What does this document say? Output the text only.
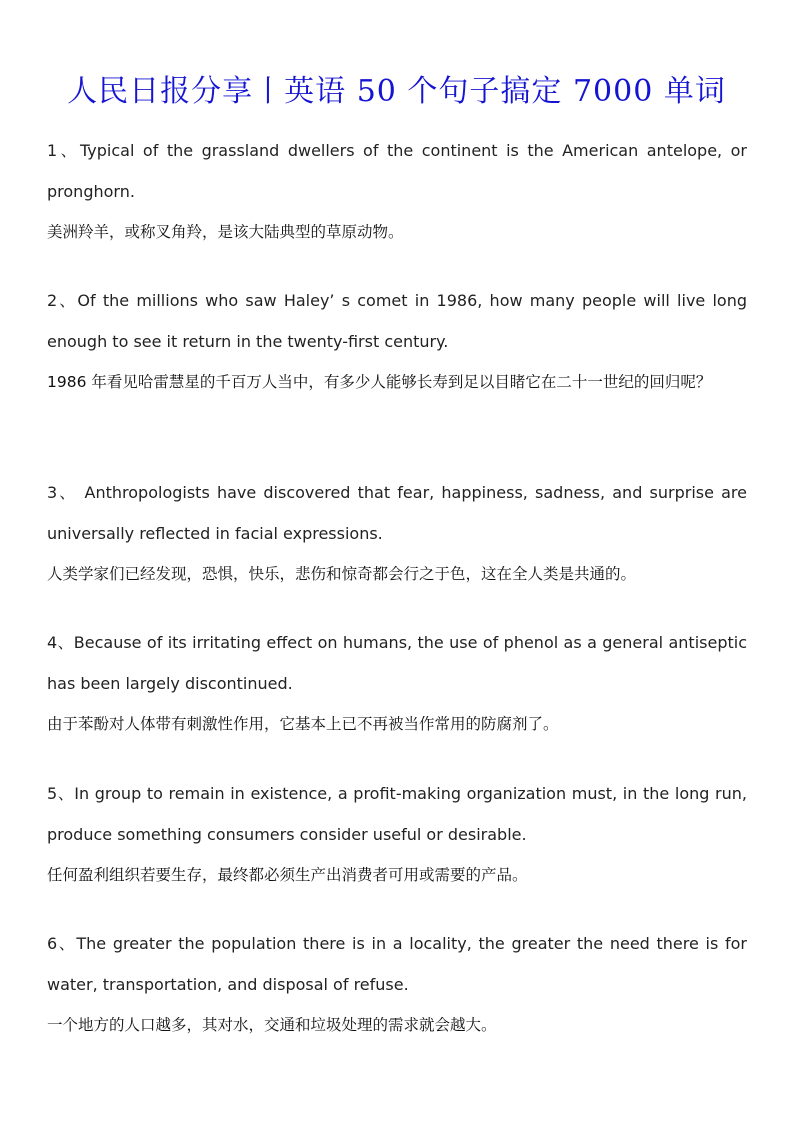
人民日报分享丨英语 50 个句子搞定 7000 单词

1、Typical of the grassland dwellers of the continent is the American antelope, or pronghorn.

美洲羚羊，或称叉角羚，是该大陆典型的草原动物。

2、Of the millions who saw Haley’ s comet in 1986, how many people will live long enough to see it return in the twenty-first century.

1986 年看见哈雷慧星的千百万人当中，有多少人能够长寿到足以目睹它在二十一世纪的回归呢？

3、 Anthropologists have discovered that fear, happiness, sadness, and surprise are universally reflected in facial expressions.

人类学家们已经发现，恐惧，快乐，悲伤和惊奇都会行之于色，这在全人类是共通的。

4、Because of its irritating effect on humans, the use of phenol as a general antiseptic has been largely discontinued.

由于苯酚对人体带有刺激性作用，它基本上已不再被当作常用的防腐剂了。

5、In group to remain in existence, a profit-making organization must, in the long run, produce something consumers consider useful or desirable.

任何盈利组织若要生存，最终都必须生产出消费者可用或需要的产品。

6、The greater the population there is in a locality, the greater the need there is for water, transportation, and disposal of refuse.

一个地方的人口越多，其对水，交通和垃圾处理的需求就会越大。
